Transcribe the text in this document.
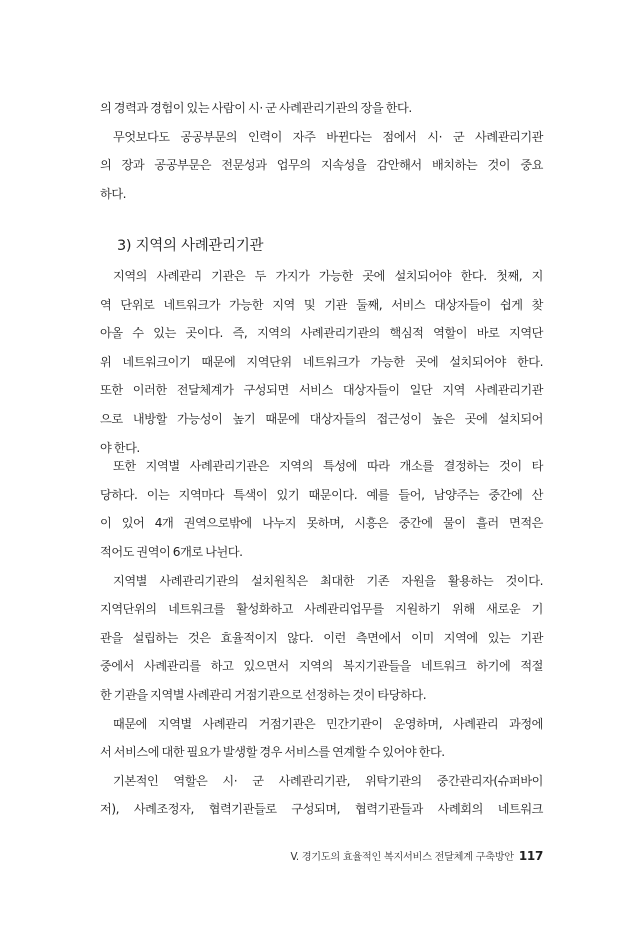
의 경력과 경험이 있는 사람이 시· 군 사례관리기관의 장을 한다.
무엇보다도 공공부문의 인력이 자주 바뀐다는 점에서 시· 군 사례관리기관
의 장과 공공부문은 전문성과 업무의 지속성을 감안해서 배치하는 것이 중요
하다.
3) 지역의 사례관리기관
지역의 사례관리 기관은 두 가지가 가능한 곳에 설치되어야 한다. 첫째, 지
역 단위로 네트워크가 가능한 지역 및 기관 둘째, 서비스 대상자들이 쉽게 찾
아올 수 있는 곳이다. 즉, 지역의 사례관리기관의 핵심적 역할이 바로 지역단
위 네트워크이기 때문에 지역단위 네트워크가 가능한 곳에 설치되어야 한다.
또한 이러한 전달체계가 구성되면 서비스 대상자들이 일단 지역 사례관리기관
으로 내방할 가능성이 높기 때문에 대상자들의 접근성이 높은 곳에 설치되어
야 한다.
또한 지역별 사례관리기관은 지역의 특성에 따라 개소를 결정하는 것이 타
당하다. 이는 지역마다 특색이 있기 때문이다. 예를 들어, 남양주는 중간에 산
이 있어 4개 권역으로밖에 나누지 못하며, 시흥은 중간에 물이 흘러 면적은
적어도 권역이 6개로 나뉜다.
지역별 사례관리기관의 설치원칙은 최대한 기존 자원을 활용하는 것이다.
지역단위의 네트워크를 활성화하고 사례관리업무를 지원하기 위해 새로운 기
관을 설립하는 것은 효율적이지 않다. 이런 측면에서 이미 지역에 있는 기관
중에서 사례관리를 하고 있으면서 지역의 복지기관들을 네트워크 하기에 적절
한 기관을 지역별 사례관리 거점기관으로 선정하는 것이 타당하다.
때문에 지역별 사례관리 거점기관은 민간기관이 운영하며, 사례관리 과정에
서 서비스에 대한 필요가 발생할 경우 서비스를 연계할 수 있어야 한다.
기본적인 역할은 시· 군 사례관리기관, 위탁기관의 중간관리자(슈퍼바이
저), 사례조정자, 협력기관들로 구성되며, 협력기관들과 사례회의 네트워크
V. 경기도의 효율적인 복지서비스 전달체계 구축방안 117
